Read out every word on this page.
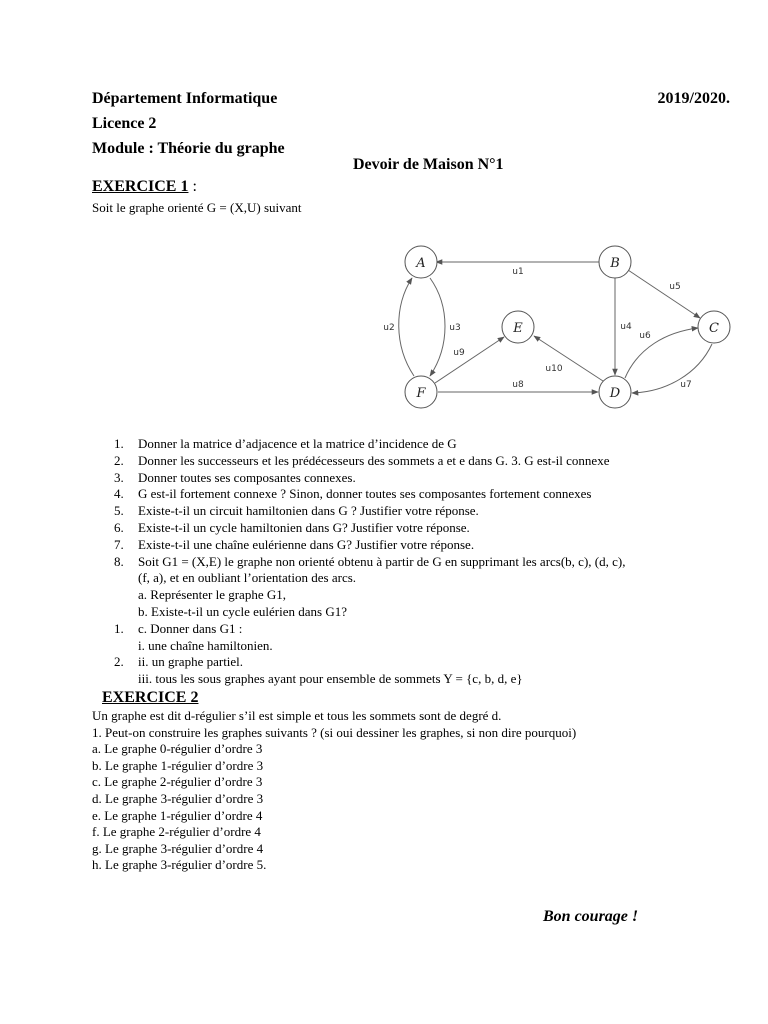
Département Informatique
Licence 2
Module : Théorie du graphe
2019/2020.
Devoir de Maison N°1
EXERCICE 1 :
Soit le graphe orienté G = (X,U) suivant
A	B
C
D
E
F
u1
u2	u3	u4
u5
u6
u7
u8
u9
u10
1. Donner la matrice d’adjacence et la matrice d’incidence de G
2. Donner les successeurs et les prédécesseurs des sommets a et e dans G. 3. G est-il connexe
3. Donner toutes ses composantes connexes.
4. G est-il fortement connexe ? Sinon, donner toutes ses composantes fortement connexes
5. Existe-t-il un circuit hamiltonien dans G ? Justifier votre réponse.
6. Existe-t-il un cycle hamiltonien dans G? Justifier votre réponse.
7. Existe-t-il une chaîne eulérienne dans G? Justifier votre réponse.
8. Soit G1 = (X,E) le graphe non orienté obtenu à partir de G en supprimant les arcs(b, c), (d, c),
(f, a), et en oubliant l’orientation des arcs.
a. Représenter le graphe G1,
b. Existe-t-il un cycle eulérien dans G1?
1. c. Donner dans G1 :
i. une chaîne hamiltonien.
2. ii. un graphe partiel.
iii. tous les sous graphes ayant pour ensemble de sommets Y = {c, b, d, e}
EXERCICE 2
Un graphe est dit d-régulier s’il est simple et tous les sommets sont de degré d.
1. Peut-on construire les graphes suivants ? (si oui dessiner les graphes, si non dire pourquoi)
a. Le graphe 0-régulier d’ordre 3
b. Le graphe 1-régulier d’ordre 3
c. Le graphe 2-régulier d’ordre 3
d. Le graphe 3-régulier d’ordre 3
e. Le graphe 1-régulier d’ordre 4
f. Le graphe 2-régulier d’ordre 4
g. Le graphe 3-régulier d’ordre 4
h. Le graphe 3-régulier d’ordre 5.
Bon courage !
